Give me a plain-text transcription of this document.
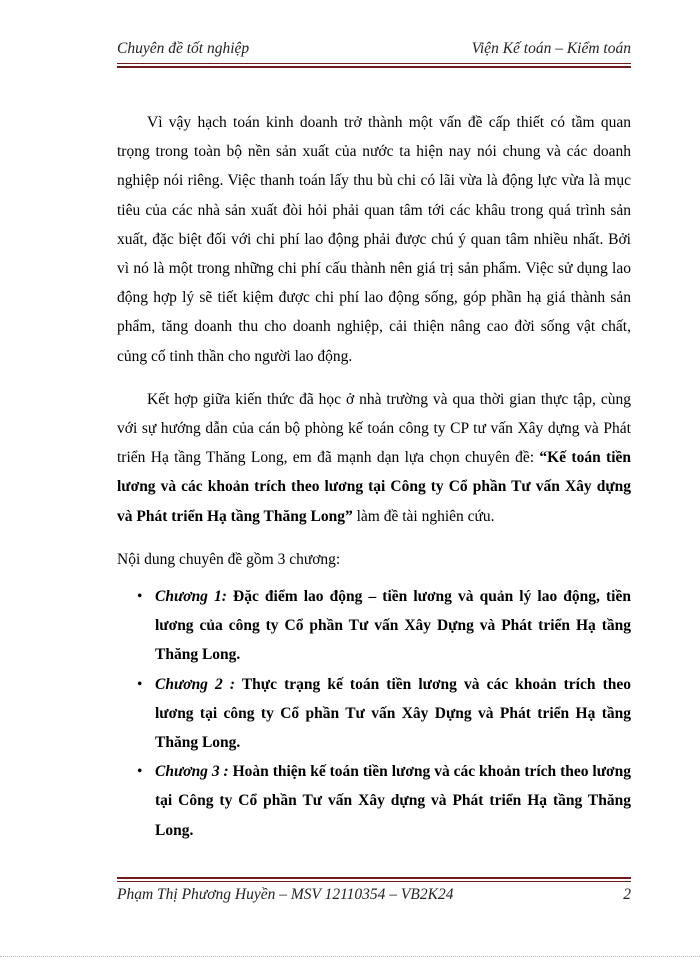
Chuyên đề tốt nghiệp	Viện Kế toán – Kiểm toán

Vì vậy hạch toán kinh doanh trở thành một vấn đề cấp thiết có tầm quan trọng trong toàn bộ nền sản xuất của nước ta hiện nay nói chung và các doanh nghiệp nói riêng. Việc thanh toán lấy thu bù chi có lãi vừa là động lực vừa là mục tiêu của các nhà sản xuất đòi hỏi phải quan tâm tới các khâu trong quá trình sản xuất, đặc biệt đối với chi phí lao động phải được chú ý quan tâm nhiều nhất. Bởi vì nó là một trong những chi phí cấu thành nên giá trị sản phẩm. Việc sử dụng lao động hợp lý sẽ tiết kiệm được chi phí lao động sống, góp phần hạ giá thành sản phẩm, tăng doanh thu cho doanh nghiệp, cải thiện nâng cao đời sống vật chất, củng cố tinh thần cho người lao động.

Kết hợp giữa kiến thức đã học ở nhà trường và qua thời gian thực tập, cùng với sự hướng dẫn của cán bộ phòng kế toán công ty CP tư vấn Xây dựng và Phát triển Hạ tầng Thăng Long, em đã mạnh dạn lựa chọn chuyên đề: “Kế toán tiền lương và các khoản trích theo lương tại Công ty Cổ phần Tư vấn Xây dựng và Phát triển Hạ tầng Thăng Long” làm đề tài nghiên cứu.

Nội dung chuyên đề gồm 3 chương:

• Chương 1: Đặc điểm lao động – tiền lương và quản lý lao động, tiền lương của công ty Cổ phần Tư vấn Xây Dựng và Phát triển Hạ tầng Thăng Long.
• Chương 2 : Thực trạng kế toán tiền lương và các khoản trích theo lương tại công ty Cổ phần Tư vấn Xây Dựng và Phát triển Hạ tầng Thăng Long.
• Chương 3 : Hoàn thiện kế toán tiền lương và các khoản trích theo lương tại Công ty Cổ phần Tư vấn Xây dựng và Phát triển Hạ tầng Thăng Long.
Phạm Thị Phương Huyền – MSV 12110354 – VB2K24	2
